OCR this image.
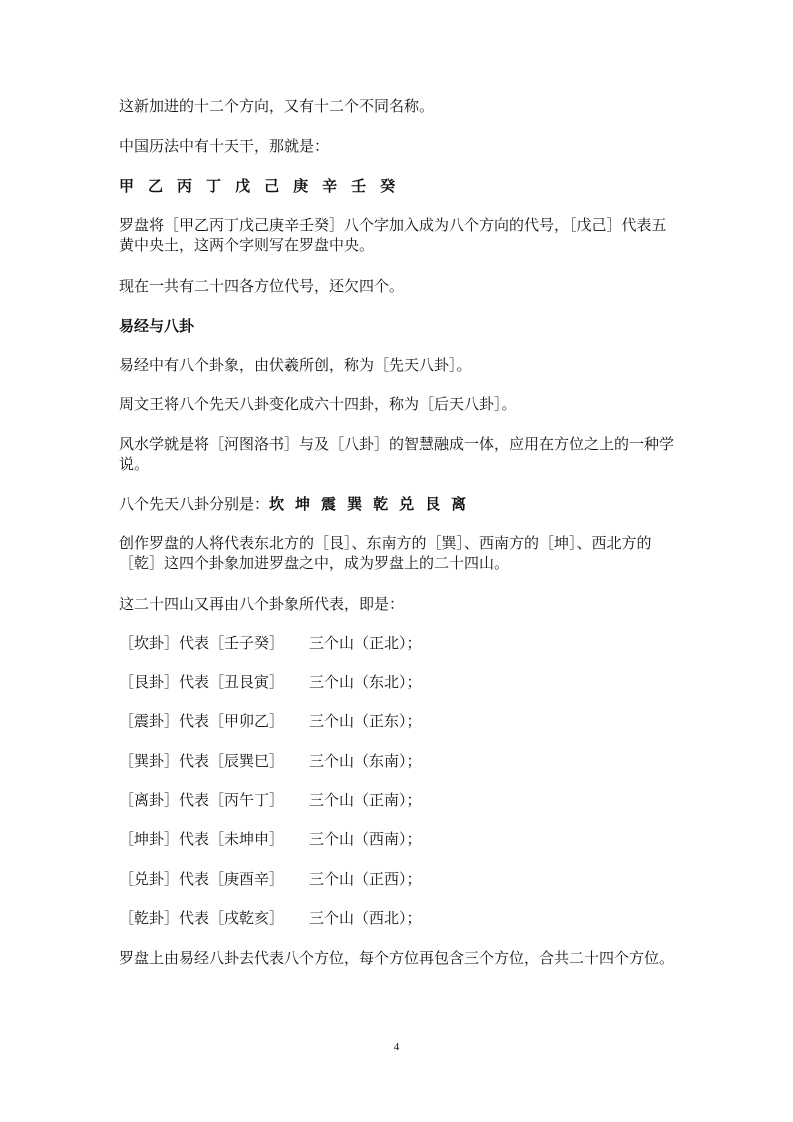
这新加进的十二个方向，又有十二个不同名称。
中国历法中有十天干，那就是：
甲 乙 丙 丁 戊 己 庚 辛 壬 癸
罗盘将［甲乙丙丁戊己庚辛壬癸］八个字加入成为八个方向的代号，［戊己］代表五黄中央土，这两个字则写在罗盘中央。
现在一共有二十四各方位代号，还欠四个。
易经与八卦
易经中有八个卦象，由伏羲所创，称为［先天八卦］。
周文王将八个先天八卦变化成六十四卦，称为［后天八卦］。
风水学就是将［河图洛书］与及［八卦］的智慧融成一体，应用在方位之上的一种学说。
八个先天八卦分别是：坎 坤 震 巽 乾 兑 艮 离
创作罗盘的人将代表东北方的［艮］、东南方的［巽］、西南方的［坤］、西北方的［乾］这四个卦象加进罗盘之中，成为罗盘上的二十四山。
这二十四山又再由八个卦象所代表，即是：
［坎卦］代表［壬子癸］ 三个山（正北）；
［艮卦］代表［丑艮寅］ 三个山（东北）；
［震卦］代表［甲卯乙］ 三个山（正东）；
［巽卦］代表［辰巽巳］ 三个山（东南）；
［离卦］代表［丙午丁］ 三个山（正南）；
［坤卦］代表［未坤申］ 三个山（西南）；
［兑卦］代表［庚酉辛］ 三个山（正西）；
［乾卦］代表［戌乾亥］ 三个山（西北）；
罗盘上由易经八卦去代表八个方位，每个方位再包含三个方位，合共二十四个方位。
4
